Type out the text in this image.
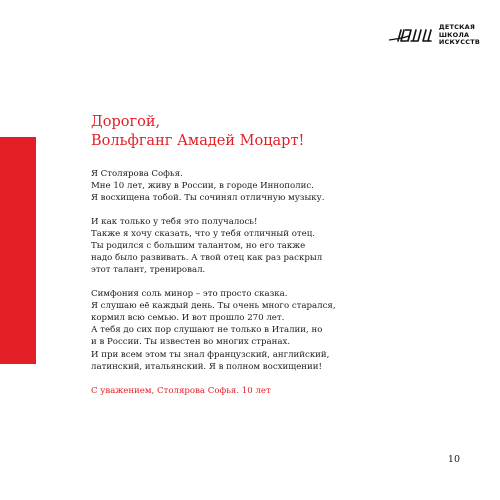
ДЕТСКАЯ
ШКОЛА
ИСКУССТВ
Дорогой,
Вольфганг Амадей Моцарт!
Я Столярова Софья.
Мне 10 лет, живу в России, в городе Иннополис.
Я восхищена тобой. Ты сочинял отличную музыку.
И как только у тебя это получалось!
Также я хочу сказать, что у тебя отличный отец.
Ты родился с большим талантом, но его также
надо было развивать. А твой отец как раз раскрыл
этот талант, тренировал.
Симфония соль минор – это просто сказка.
Я слушаю её каждый день. Ты очень много старался,
кормил всю семью. И вот прошло 270 лет.
А тебя до сих пор слушают не только в Италии, но
и в России. Ты известен во многих странах.
И при всем этом ты знал французский, английский,
латинский, итальянский. Я в полном восхищении!
С уважением, Столярова Софья. 10 лет
10
